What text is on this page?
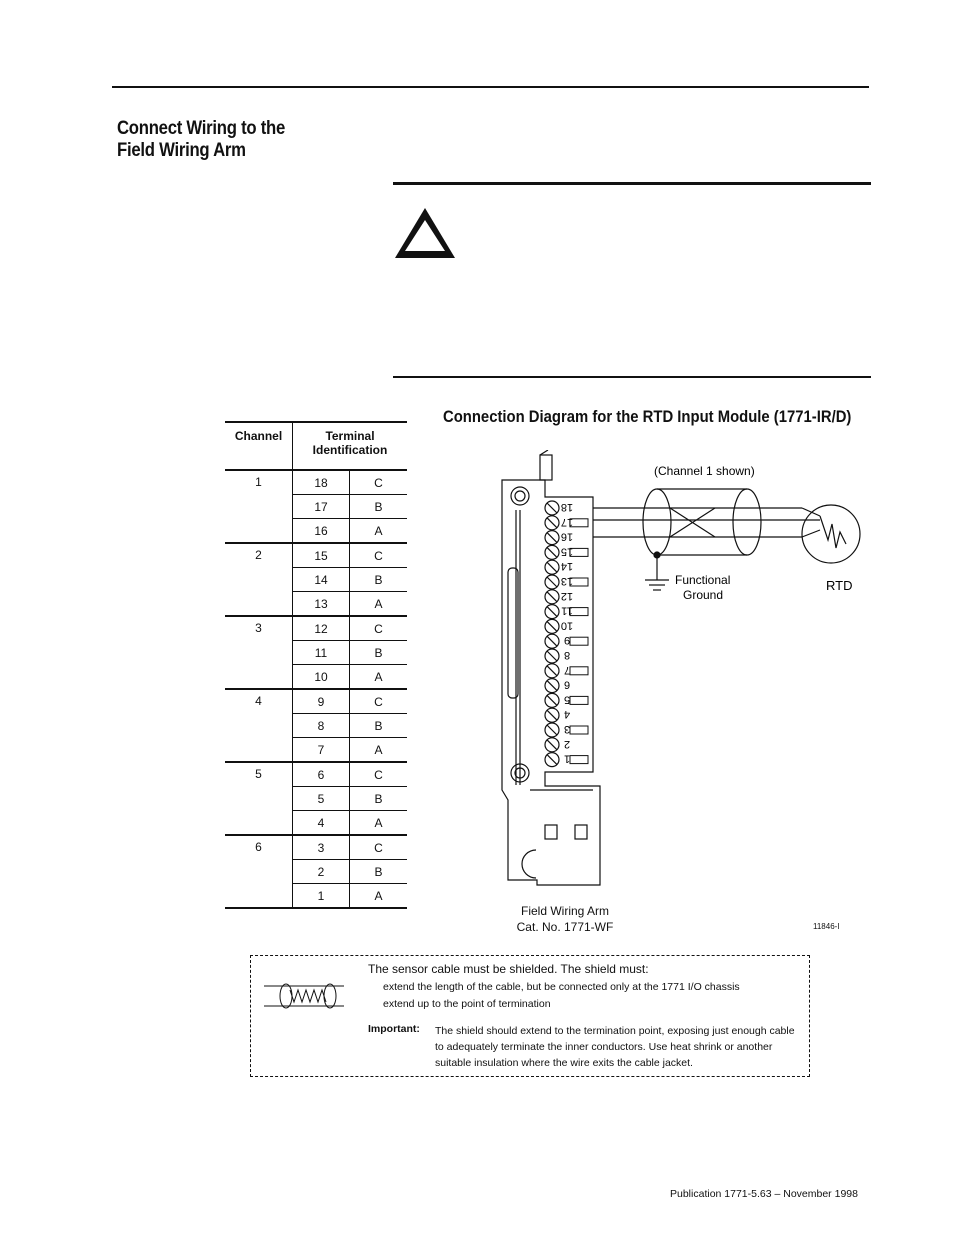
Connect Wiring to the
Field Wiring Arm
Connection Diagram for the RTD Input Module (1771-IR/D)
Channel	Terminal
Identification	

1	18	C
	17	B
	16	A
2	15	C
	14	B
	13	A
3	12	C
	11	B
	10	A
4	9	C
	8	B
	7	A
5	6	C
	5	B
	4	A
6	3	C
	2	B
	1	A
18
17
16
15
14
13
12
11
10
9
8
7
6
5
4
3
2
1
(Channel 1 shown)
Functional
Ground
RTD
Field Wiring Arm
Cat. No. 1771-WF	11846-I
The sensor cable must be shielded. The shield must:
extend the length of the cable, but be connected only at the 1771 I/O chassis
extend up to the point of termination
Important: The shield should extend to the termination point, exposing just enough cable to adequately terminate the inner conductors. Use heat shrink or another suitable insulation where the wire exits the cable jacket.
Publication 1771-5.63 – November 1998
